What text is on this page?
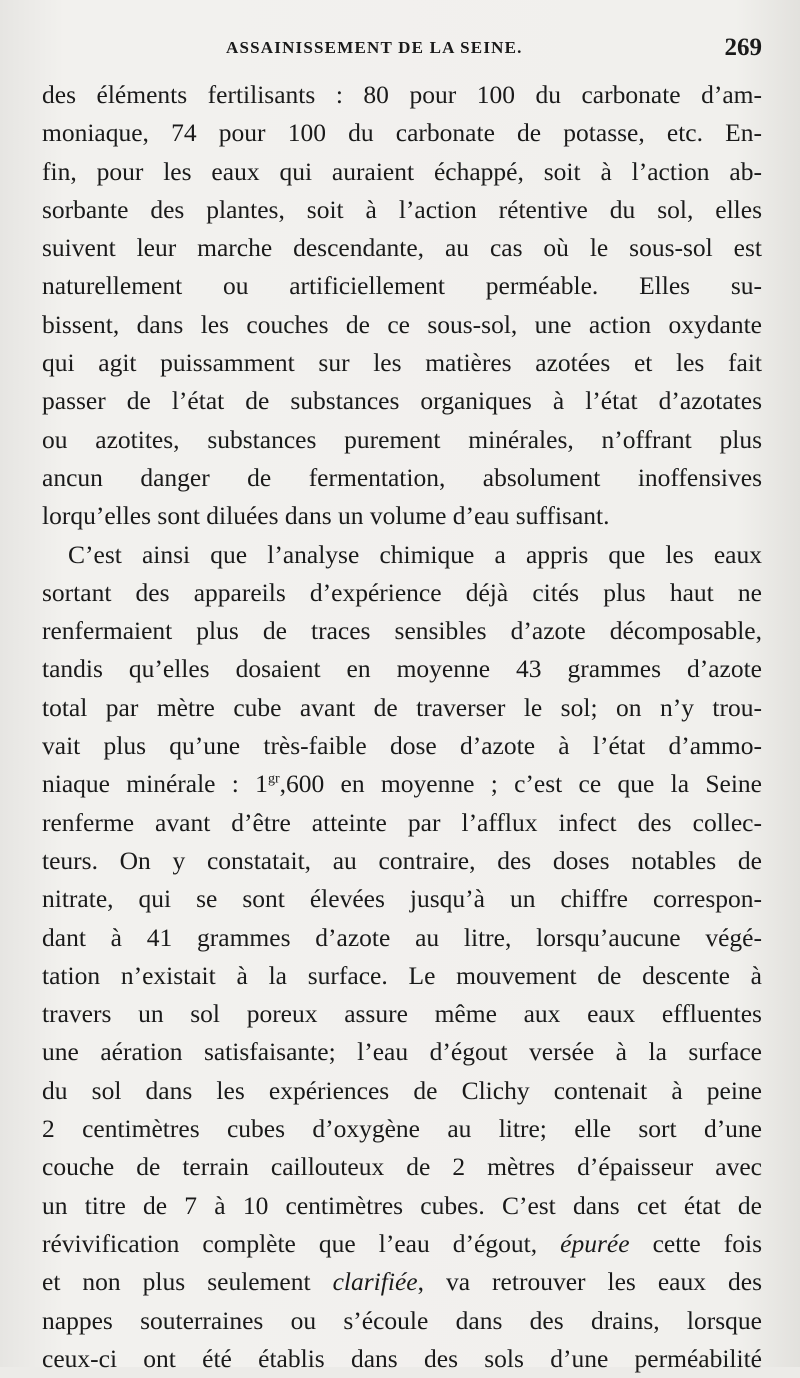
ASSAINISSEMENT DE LA SEINE.	269
des éléments fertilisants : 80 pour 100 du carbonate d’am-
moniaque, 74 pour 100 du carbonate de potasse, etc. En-
fin, pour les eaux qui auraient échappé, soit à l’action ab-
sorbante des plantes, soit à l’action rétentive du sol, elles
suivent leur marche descendante, au cas où le sous-sol est
naturellement ou artificiellement perméable. Elles su-
bissent, dans les couches de ce sous-sol, une action oxydante
qui agit puissamment sur les matières azotées et les fait
passer de l’état de substances organiques à l’état d’azotates
ou azotites, substances purement minérales, n’offrant plus
ancun danger de fermentation, absolument inoffensives
lorqu’elles sont diluées dans un volume d’eau suffisant.
C’est ainsi que l’analyse chimique a appris que les eaux
sortant des appareils d’expérience déjà cités plus haut ne
renfermaient plus de traces sensibles d’azote décomposable,
tandis qu’elles dosaient en moyenne 43 grammes d’azote
total par mètre cube avant de traverser le sol; on n’y trou-
vait plus qu’une très-faible dose d’azote à l’état d’ammo-
niaque minérale : $1^{gr},600$ en moyenne ; c’est ce que la Seine
renferme avant d’être atteinte par l’afflux infect des collec-
teurs. On y constatait, au contraire, des doses notables de
nitrate, qui se sont élevées jusqu’à un chiffre correspon-
dant à 41 grammes d’azote au litre, lorsqu’aucune végé-
tation n’existait à la surface. Le mouvement de descente à
travers un sol poreux assure même aux eaux effluentes
une aération satisfaisante; l’eau d’égout versée à la surface
du sol dans les expériences de Clichy contenait à peine
2 centimètres cubes d’oxygène au litre; elle sort d’une
couche de terrain caillouteux de 2 mètres d’épaisseur avec
un titre de 7 à 10 centimètres cubes. C’est dans cet état de
révivification complète que l’eau d’égout, épurée cette fois
et non plus seulement clarifiée, va retrouver les eaux des
nappes souterraines ou s’écoule dans des drains, lorsque
ceux-ci ont été établis dans des sols d’une perméabilité
